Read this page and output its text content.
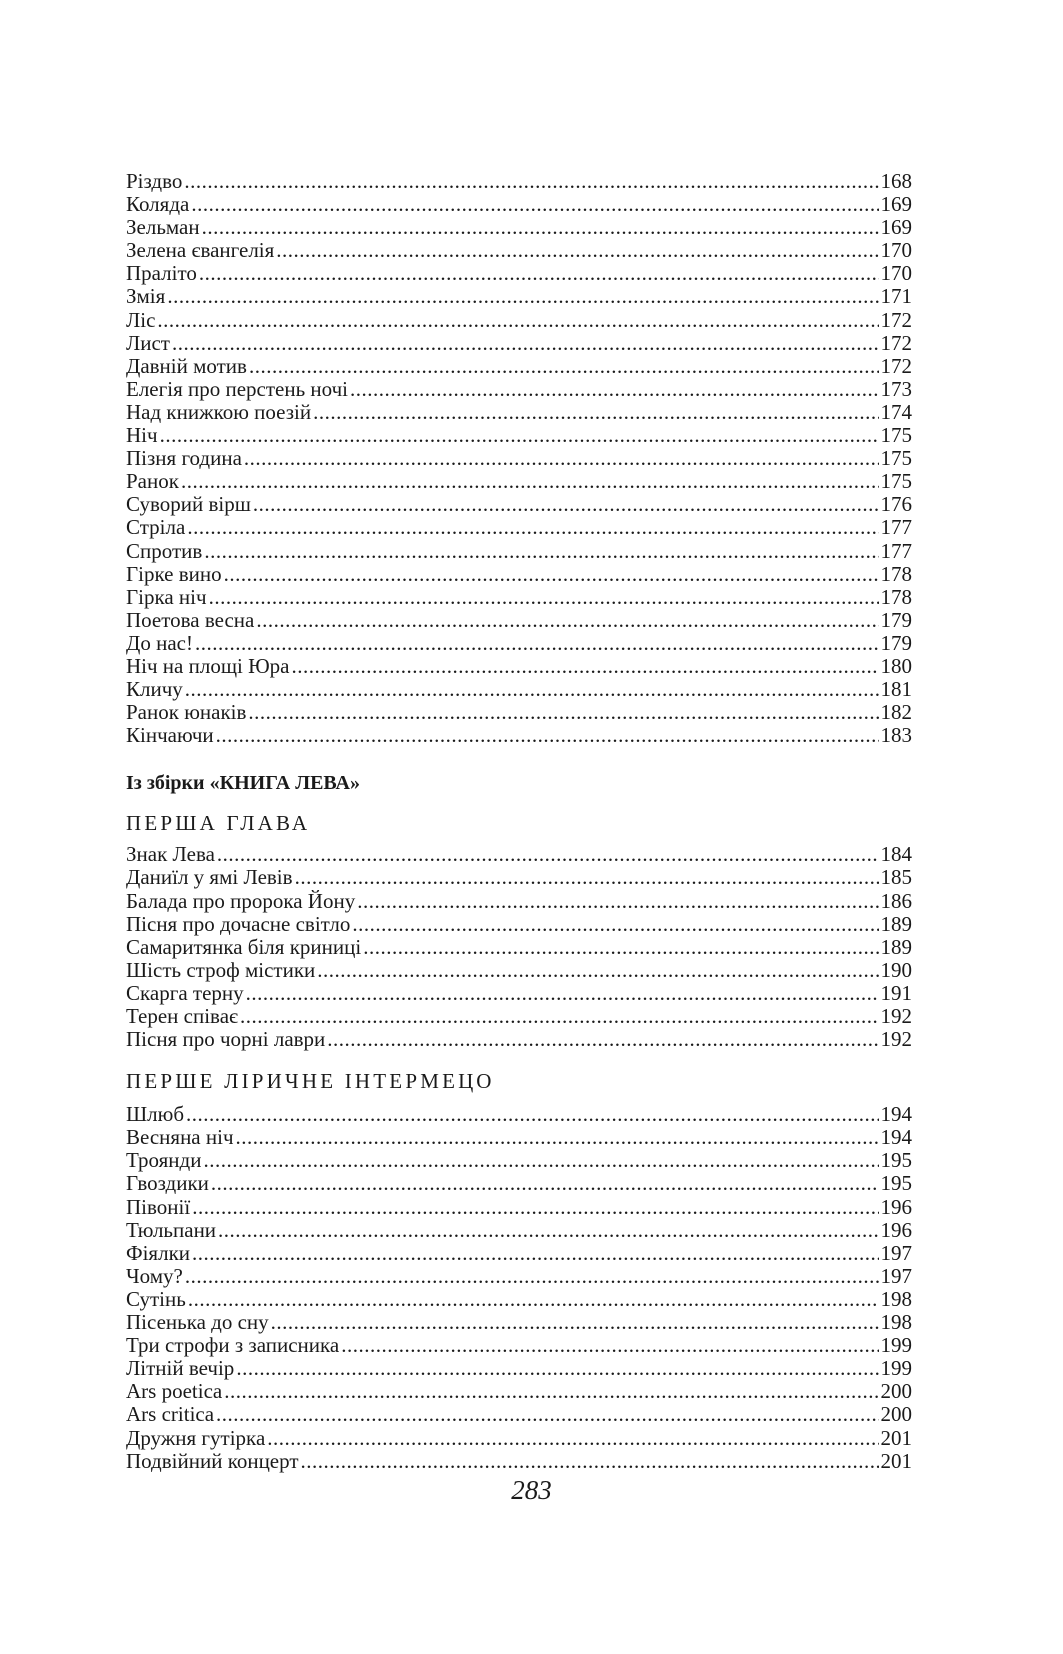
Різдво .....	168
Коляда .....	169
Зельман .....	169
Зелена євангелія .....	170
Праліто .....	170
Змія .....	171
Ліс .....	172
Лист .....	172
Давній мотив .....	172
Елегія про перстень ночі .....	173
Над книжкою поезій .....	174
Ніч .....	175
Пізня година .....	175
Ранок .....	175
Суворий вірш .....	176
Стріла .....	177
Спротив .....	177
Гірке вино .....	178
Гірка ніч .....	178
Поетова весна .....	179
До нас! .....	179
Ніч на площі Юра .....	180
Кличу .....	181
Ранок юнаків .....	182
Кінчаючи .....	183
Із збірки «КНИГА ЛЕВА»
ПЕРША ГЛАВА
Знак Лева .....	184
Даниїл у ямі Левів .....	185
Балада про пророка Йону .....	186
Пісня про дочасне світло .....	189
Самаритянка біля криниці .....	189
Шість строф містики .....	190
Скарга терну .....	191
Терен співає .....	192
Пісня про чорні лаври .....	192
ПЕРШЕ ЛІРИЧНЕ ІНТЕРМЕЦО
Шлюб .....	194
Весняна ніч .....	194
Троянди .....	195
Гвоздики .....	195
Півонії .....	196
Тюльпани .....	196
Фіялки .....	197
Чому? .....	197
Сутінь .....	198
Пісенька до сну .....	198
Три строфи з записника .....	199
Літній вечір .....	199
Ars poetica .....	200
Ars critica .....	200
Дружня гутірка .....	201
Подвійний концерт .....	201
283
